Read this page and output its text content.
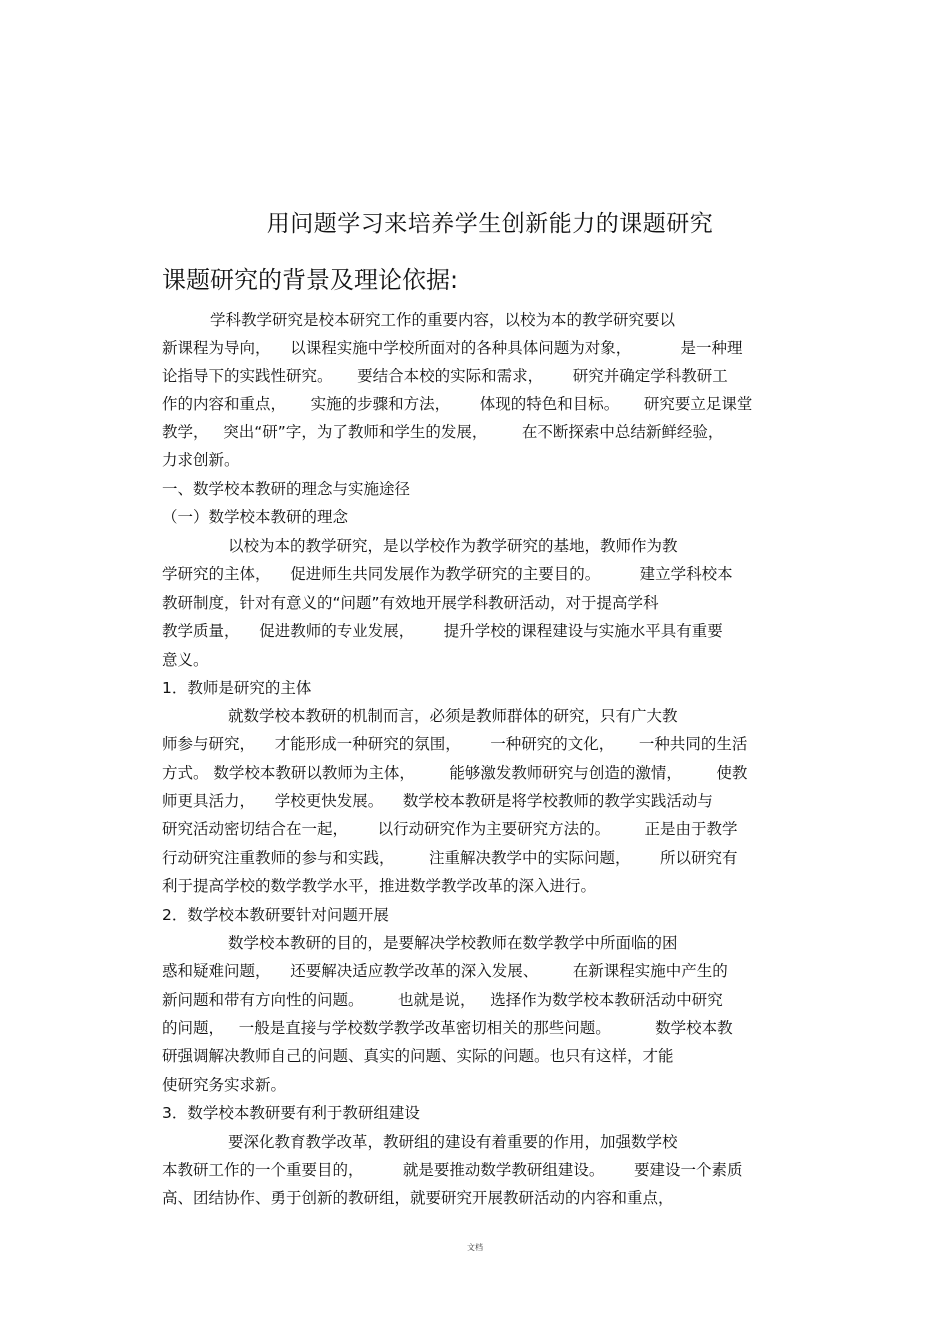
用问题学习来培养学生创新能力的课题研究
课题研究的背景及理论依据:
学科教学研究是校本研究工作的重要内容，以校为本的教学研究要以
新课程为导向，    以课程实施中学校所面对的各种具体问题为对象，          是一种理
论指导下的实践性研究。     要结合本校的实际和需求，      研究并确定学科教研工
作的内容和重点，     实施的步骤和方法，      体现的特色和目标。     研究要立足课堂
教学，   突出“研”字，为了教师和学生的发展，       在不断探索中总结新鲜经验，
力求创新。
一、数学校本教研的理念与实施途径
（一）数学校本教研的理念
以校为本的教学研究，是以学校作为教学研究的基地，教师作为教
学研究的主体，    促进师生共同发展作为教学研究的主要目的。        建立学科校本
教研制度，针对有意义的“问题”有效地开展学科教研活动，对于提高学科
教学质量，    促进教师的专业发展，      提升学校的课程建设与实施水平具有重要
意义。
1．教师是研究的主体
就数学校本教研的机制而言，必须是教师群体的研究，只有广大教
师参与研究，    才能形成一种研究的氛围，      一种研究的文化，     一种共同的生活
方式。 数学校本教研以教师为主体，       能够激发教师研究与创造的激情，       使教
师更具活力，    学校更快发展。    数学校本教研是将学校教师的教学实践活动与
研究活动密切结合在一起，      以行动研究作为主要研究方法的。       正是由于教学
行动研究注重教师的参与和实践，       注重解决教学中的实际问题，      所以研究有
利于提高学校的数学教学水平，推进数学教学改革的深入进行。
2．数学校本教研要针对问题开展
数学校本教研的目的，是要解决学校教师在数学教学中所面临的困
惑和疑难问题，    还要解决适应教学改革的深入发展、       在新课程实施中产生的
新问题和带有方向性的问题。       也就是说，   选择作为数学校本教研活动中研究
的问题，   一般是直接与学校数学教学改革密切相关的那些问题。         数学校本教
研强调解决教师自己的问题、真实的问题、实际的问题。也只有这样，才能
使研究务实求新。
3．数学校本教研要有利于教研组建设
要深化教育教学改革，教研组的建设有着重要的作用，加强数学校
本教研工作的一个重要目的，        就是要推动数学教研组建设。      要建设一个素质
高、团结协作、勇于创新的教研组，就要研究开展教研活动的内容和重点，
文档
